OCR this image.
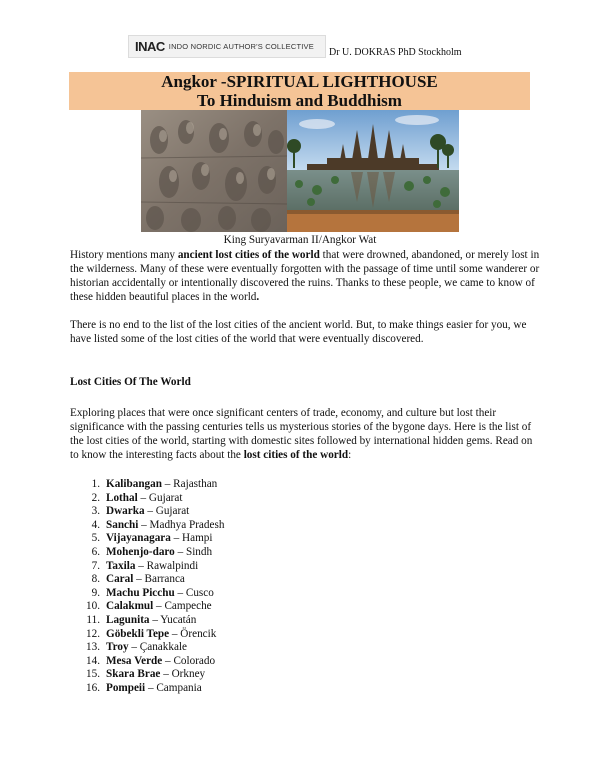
INAC INDO NORDIC AUTHOR'S COLLECTIVE
Dr U. DOKRAS PhD Stockholm
Angkor -SPIRITUAL LIGHTHOUSE
To Hinduism and Buddhism
King Suryavarman II/Angkor Wat
History mentions many ancient lost cities of the world that were drowned, abandoned, or merely lost in the wilderness. Many of these were eventually forgotten with the passage of time until some wanderer or historian accidentally or intentionally discovered the ruins. Thanks to these people, we came to know of these hidden beautiful places in the world.
There is no end to the list of the lost cities of the ancient world. But, to make things easier for you, we have listed some of the lost cities of the world that were eventually discovered.
Lost Cities Of The World
Exploring places that were once significant centers of trade, economy, and culture but lost their significance with the passing centuries tells us mysterious stories of the bygone days. Here is the list of the lost cities of the world, starting with domestic sites followed by international hidden gems. Read on to know the interesting facts about the lost cities of the world:
1. Kalibangan – Rajasthan
2. Lothal – Gujarat
3. Dwarka – Gujarat
4. Sanchi – Madhya Pradesh
5. Vijayanagara – Hampi
6. Mohenjo-daro – Sindh
7. Taxila – Rawalpindi
8. Caral – Barranca
9. Machu Picchu – Cusco
10. Calakmul – Campeche
11. Lagunita – Yucatán
12. Göbekli Tepe – Örencik
13. Troy – Çanakkale
14. Mesa Verde – Colorado
15. Skara Brae – Orkney
16. Pompeii – Campania
